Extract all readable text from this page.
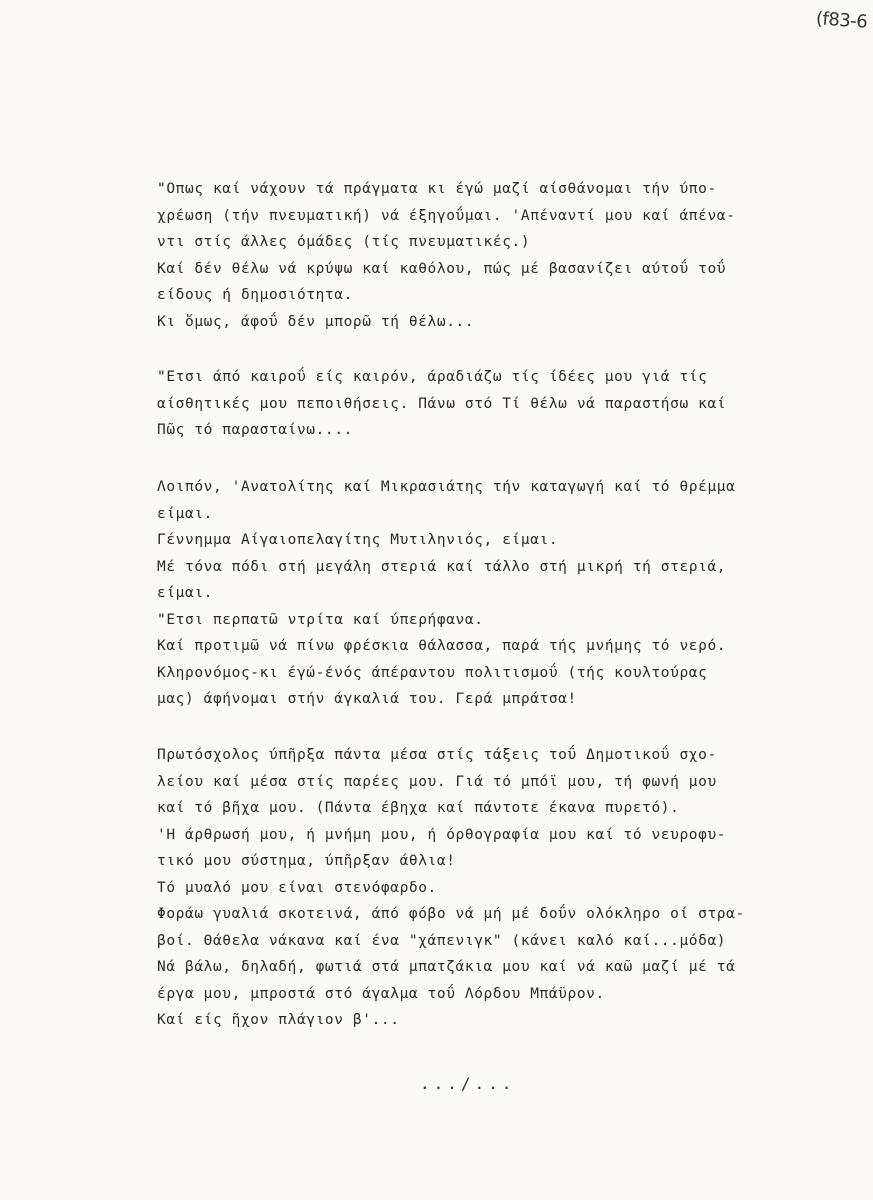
(f83-6
"Οπως καί νάχουν τά πράγματα κι έγώ μαζί αίσθάνομαι τήν ύπο-
χρέωση (τήν πνευματική) νά έξηγοΰμαι. 'Απέναντί μου καί άπένα-
ντι στίς άλλες όμάδες (τίς πνευματικές.)
Καί δέν θέλω νά κρύψω καί καθόλου, πώς μέ βασανίζει αύτοΰ τοΰ
είδους ή δημοσιότητα.
Κι ὅμως, άφοΰ δέν μπορῶ τή θέλω...
"Ετσι άπό καιροΰ είς καιρόν, άραδιάζω τίς ίδέες μου γιά τίς
αίσθητικές μου πεποιθήσεις. Πάνω στό Τί θέλω νά παραστήσω καί
Πῶς τό παρασταίνω....
Λοιπόν, 'Ανατολίτης καί Μικρασιάτης τήν καταγωγή καί τό θρέμμα
είμαι.
Γέννημμα Αίγαιοπελαγίτης Μυτιληνιός, είμαι.
Μέ τόνα πόδι στή μεγάλη στεριά καί τάλλο στή μικρή τή στεριά,
είμαι.
"Ετσι περπατῶ ντρίτα καί ύπερήφανα.
Καί προτιμῶ νά πίνω φρέσκια θάλασσα, παρά τής μνήμης τό νερό.
Κληρονόμος-κι έγώ-ένός άπέραντου πολιτισμοΰ (τής κουλτούρας
μας) άφήνομαι στήν άγκαλιά του. Γερά μπράτσα!
Πρωτόσχολος ύπῆρξα πάντα μέσα στίς τάξεις τοΰ Δημοτικοΰ σχο-
λείου καί μέσα στίς παρέες μου. Γιά τό μπόϊ μου, τή φωνή μου
καί τό βῆχα μου. (Πάντα έβηχα καί πάντοτε έκανα πυρετό).
'Η άρθρωσή μου, ή μνήμη μου, ή όρθογραφία μου καί τό νευροφυ-
τικό μου σύστημα, ύπῆρξαν άθλια!
Τό μυαλό μου είναι στενόφαρδο.
Φοράω γυαλιά σκοτεινά, άπό φόβο νά μή μέ δοΰν ολόκληρο οί στρα-
βοί. Θάθελα νάκανα καί ένα "χάπενιγκ" (κάνει καλό καί...μόδα)
Νά βάλω, δηλαδή, φωτιά στά μπατζάκια μου καί νά καῶ μαζί μέ τά
έργα μου, μπροστά στό άγαλμα τοΰ Λόρδου Μπάϋρον.
Καί είς ῆχον πλάγιον β'...
.../...
